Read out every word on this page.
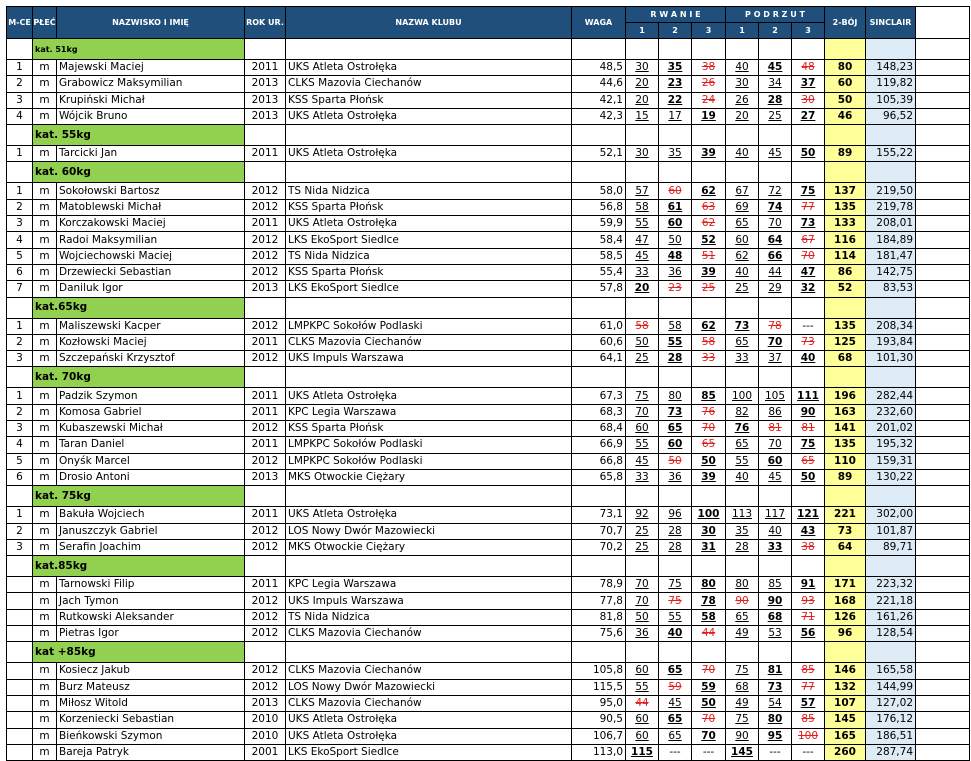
M-CE	PŁEĆ	NAZWISKO I IMIĘ	ROK UR.	NAZWA KLUBU	WAGA	R W A N I E			P O D R Z U T			2-BÓJ	SINCLAIR	
						1	2	3	1	2	3			
	kat. 51kg													
1	m	Majewski Maciej	2011	UKS Atleta Ostrołęka	48,5	30	35	38	40	45	48	80	148,23	
2	m	Grabowicz Maksymilian	2013	CLKS Mazovia Ciechanów	44,6	20	23	26	30	34	37	60	119,82	
3	m	Krupiński Michał	2013	KSS Sparta Płońsk	42,1	20	22	24	26	28	30	50	105,39	
4	m	Wójcik Bruno	2013	UKS Atleta Ostrołęka	42,3	15	17	19	20	25	27	46	96,52	
	kat. 55kg													
1	m	Tarcicki Jan	2011	UKS Atleta Ostrołęka	52,1	30	35	39	40	45	50	89	155,22	
	kat. 60kg													
1	m	Sokołowski Bartosz	2012	TS Nida Nidzica	58,0	57	60	62	67	72	75	137	219,50	
2	m	Matoblewski Michał	2012	KSS Sparta Płońsk	56,8	58	61	63	69	74	77	135	219,78	
3	m	Korczakowski Maciej	2011	UKS Atleta Ostrołęka	59,9	55	60	62	65	70	73	133	208,01	
4	m	Radoi Maksymilian	2012	LKS EkoSport Siedlce	58,4	47	50	52	60	64	67	116	184,89	
5	m	Wojciechowski Maciej	2012	TS Nida Nidzica	58,5	45	48	51	62	66	70	114	181,47	
6	m	Drzewiecki Sebastian	2012	KSS Sparta Płońsk	55,4	33	36	39	40	44	47	86	142,75	
7	m	Daniluk Igor	2013	LKS EkoSport Siedlce	57,8	20	23	25	25	29	32	52	83,53	
	kat.65kg													
1	m	Maliszewski Kacper	2012	LMPKPC Sokołów Podlaski	61,0	58	58	62	73	78	---	135	208,34	
2	m	Kozłowski Maciej	2011	CLKS Mazovia Ciechanów	60,6	50	55	58	65	70	73	125	193,84	
3	m	Szczepański Krzysztof	2012	UKS Impuls Warszawa	64,1	25	28	33	33	37	40	68	101,30	
	kat. 70kg													
1	m	Padzik Szymon	2011	UKS Atleta Ostrołęka	67,3	75	80	85	100	105	111	196	282,44	
2	m	Komosa Gabriel	2011	KPC Legia Warszawa	68,3	70	73	76	82	86	90	163	232,60	
3	m	Kubaszewski Michał	2012	KSS Sparta Płońsk	68,4	60	65	70	76	81	81	141	201,02	
4	m	Taran Daniel	2011	LMPKPC Sokołów Podlaski	66,9	55	60	65	65	70	75	135	195,32	
5	m	Onyśk Marcel	2012	LMPKPC Sokołów Podlaski	66,8	45	50	50	55	60	65	110	159,31	
6	m	Drosio Antoni	2013	MKS Otwockie Ciężary	65,8	33	36	39	40	45	50	89	130,22	
	kat. 75kg													
1	m	Bakuła Wojciech	2011	UKS Atleta Ostrołęka	73,1	92	96	100	113	117	121	221	302,00	
2	m	Januszczyk Gabriel	2012	LOS Nowy Dwór Mazowiecki	70,7	25	28	30	35	40	43	73	101,87	
3	m	Serafin Joachim	2012	MKS Otwockie Ciężary	70,2	25	28	31	28	33	38	64	89,71	
	kat.85kg													
	m	Tarnowski Filip	2011	KPC Legia Warszawa	78,9	70	75	80	80	85	91	171	223,32	
	m	Jach Tymon	2012	UKS Impuls Warszawa	77,8	70	75	78	90	90	93	168	221,18	
	m	Rutkowski Aleksander	2012	TS Nida Nidzica	81,8	50	55	58	65	68	71	126	161,26	
	m	Pietras Igor	2012	CLKS Mazovia Ciechanów	75,6	36	40	44	49	53	56	96	128,54	
	kat +85kg													
	m	Kosiecz Jakub	2012	CLKS Mazovia Ciechanów	105,8	60	65	70	75	81	85	146	165,58	
	m	Burz Mateusz	2012	LOS Nowy Dwór Mazowiecki	115,5	55	59	59	68	73	77	132	144,99	
	m	Miłosz Witold	2013	CLKS Mazovia Ciechanów	95,0	44	45	50	49	54	57	107	127,02	
	m	Korzeniecki Sebastian	2010	UKS Atleta Ostrołęka	90,5	60	65	70	75	80	85	145	176,12	
	m	Bieńkowski Szymon	2010	UKS Atleta Ostrołęka	106,7	60	65	70	90	95	100	165	186,51	
	m	Bareja Patryk	2001	LKS EkoSport Siedlce	113,0	115	---	---	145	---	---	260	287,74	
